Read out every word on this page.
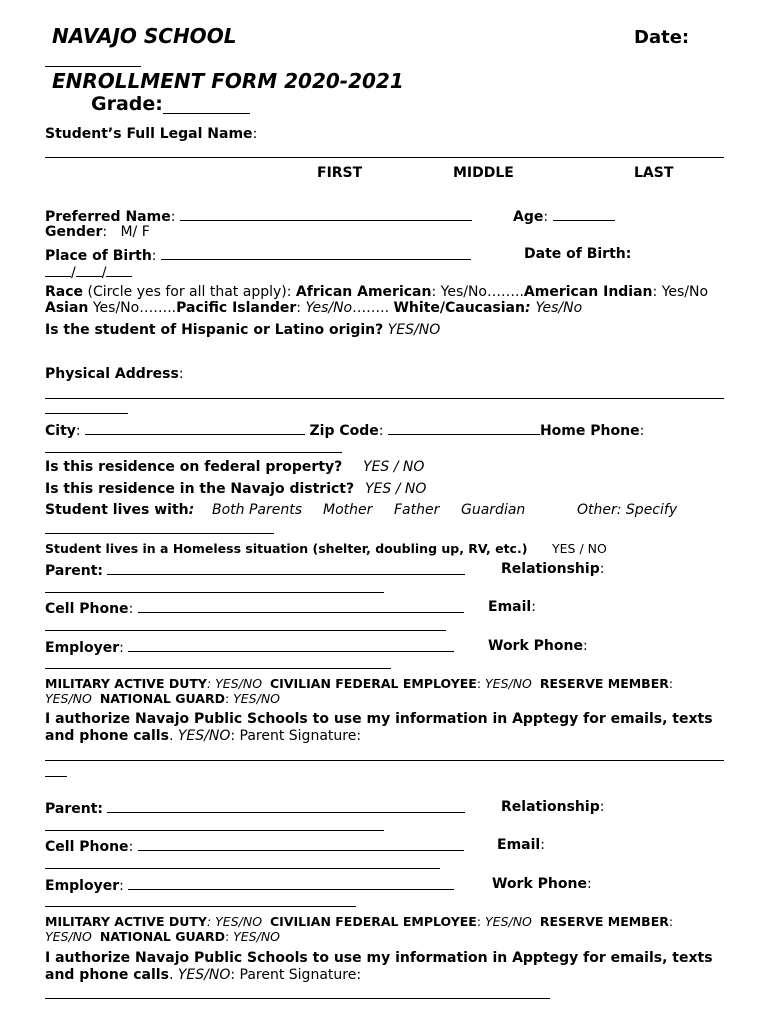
NAVAJO SCHOOL	Date:
ENROLLMENT FORM 2020-2021
Grade:
Student’s Full Legal Name:
FIRST	MIDDLE	LAST
Preferred Name:	Age:
Gender: M/ F
Place of Birth:	Date of Birth:
/ /
Race (Circle yes for all that apply): African American: Yes/No……..American Indian: Yes/No
Asian Yes/No……..Pacific Islander: Yes/No…….. White/Caucasian: Yes/No
Is the student of Hispanic or Latino origin? YES/NO
Physical Address:
City:	Zip Code:	Home Phone:
Is this residence on federal property? YES / NO
Is this residence in the Navajo district? YES / NO
Student lives with: Both Parents Mother Father Guardian	Other: Specify
Student lives in a Homeless situation (shelter, doubling up, RV, etc.) YES / NO
Parent:	Relationship:
Cell Phone:	Email:
Employer:	Work Phone:
MILITARY ACTIVE DUTY: YES/NO CIVILIAN FEDERAL EMPLOYEE: YES/NO RESERVE MEMBER:
YES/NO NATIONAL GUARD: YES/NO
I authorize Navajo Public Schools to use my information in Apptegy for emails, texts
and phone calls. YES/NO: Parent Signature:
Parent:	Relationship:
Cell Phone:	Email:
Employer:	Work Phone:
MILITARY ACTIVE DUTY: YES/NO CIVILIAN FEDERAL EMPLOYEE: YES/NO RESERVE MEMBER:
YES/NO NATIONAL GUARD: YES/NO
I authorize Navajo Public Schools to use my information in Apptegy for emails, texts
and phone calls. YES/NO: Parent Signature:
